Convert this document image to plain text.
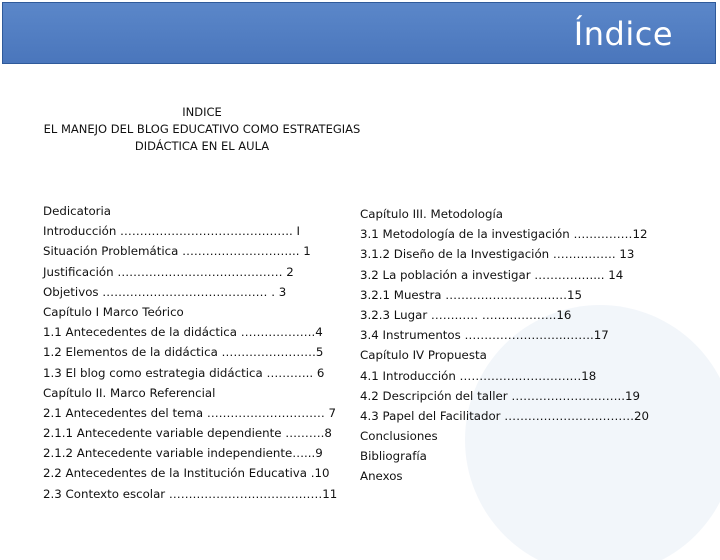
Índice
INDICE
EL MANEJO DEL BLOG EDUCATIVO COMO ESTRATEGIAS
DIDÁCTICA EN EL AULA
Dedicatoria
Introducción …………………………………….. I
Situación Problemática ………………………... 1
Justificación …………………………………… 2
Objetivos …………………………………… . 3
Capítulo I Marco Teórico
1.1 Antecedentes de la didáctica ……………….4
1.2 Elementos de la didáctica ……………………5
1.3 El blog como estrategia didáctica ………... 6
Capítulo II. Marco Referencial
2.1 Antecedentes del tema ………………………… 7
2.1.1 Antecedente variable dependiente ……….8
2.1.2 Antecedente variable independiente…...9
2.2 Antecedentes de la Institución Educativa .10
2.3 Contexto escolar …………………………………11
Capítulo III. Metodología
3.1 Metodología de la investigación ……………12
3.1.2 Diseño de la Investigación ……………. 13
3.2 La población a investigar ……………... 14
3.2.1 Muestra ……………………….…15
3.2.3 Lugar ………… ……………….16
3.4 Instrumentos ……………………..…….17
Capítulo IV Propuesta
4.1 Introducción ……………………….…18
4.2 Descripción del taller ………………………..19
4.3 Papel del Facilitador ……………………………20
Conclusiones
Bibliografía
Anexos
